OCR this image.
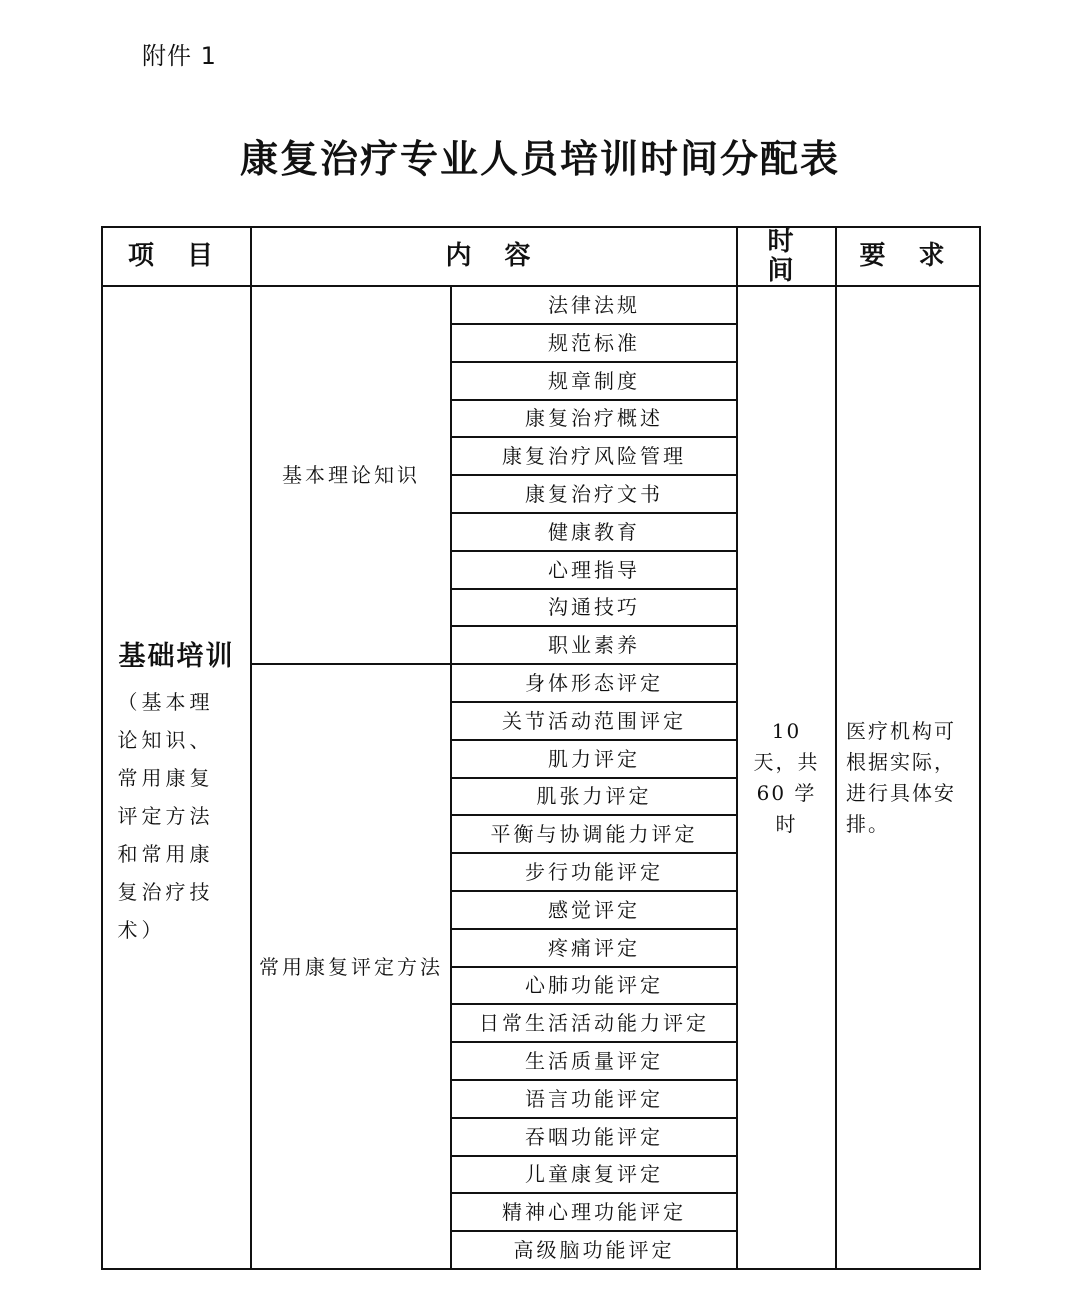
附件 1
康复治疗专业人员培训时间分配表
项 目	内 容		时 间	要 求

基础培训
（基本理论知识、常用康复评定方法和常用康复治疗技术）	基本理论知识	法律法规	10 天，共 60 学时	医疗机构可根据实际，进行具体安排。

		规范标准		
		规章制度		
		康复治疗概述		
		康复治疗风险管理		
		康复治疗文书		
		健康教育		
		心理指导		
		沟通技巧		
		职业素养		
	常用康复评定方法	身体形态评定		
		关节活动范围评定		
		肌力评定		
		肌张力评定		
		平衡与协调能力评定		
		步行功能评定		
		感觉评定		
		疼痛评定		
		心肺功能评定		
		日常生活活动能力评定		
		生活质量评定		
		语言功能评定		
		吞咽功能评定		
		儿童康复评定		
		精神心理功能评定		
		高级脑功能评定		
